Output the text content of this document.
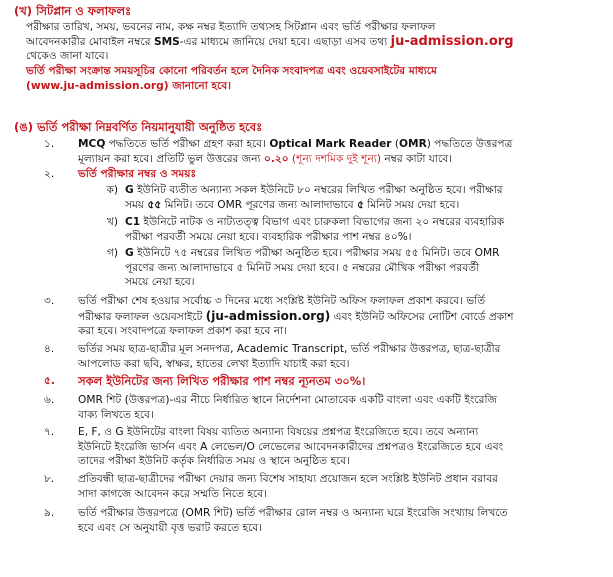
(খ) সিটপ্লান ও ফলাফলঃ
পরীক্ষার তারিখ, সময়, ভবনের নাম, কক্ষ নম্বর ইত্যাদি তথ্যসহ সিটপ্লান এবং ভর্তি পরীক্ষার ফলাফল
আবেদনকারীর মোবাইল নম্বরে SMS-এর মাধ্যমে জানিয়ে দেয়া হবে। এছাড়া এসব তথ্য ju-admission.org
থেকেও জানা যাবে।
ভর্তি পরীক্ষা সংক্রান্ত সময়সূচির কোনো পরিবর্তন হলে দৈনিক সংবাদপত্র এবং ওয়েবসাইটের মাধ্যমে
(www.ju-admission.org) জানানো হবে।
(ঙ) ভর্তি পরীক্ষা নিম্নবর্ণিত নিয়মানুযায়ী অনুষ্ঠিত হবেঃ
১.	MCQ পদ্ধতিতে ভর্তি পরীক্ষা গ্রহণ করা হবে। Optical Mark Reader (OMR) পদ্ধতিতে উত্তরপত্র
মূল্যায়ন করা হবে। প্রতিটি ভুল উত্তরের জন্য ০.২০ (শূন্য দশমিক দুই শূন্য) নম্বর কাটা যাবে।
২.	ভর্তি পরীক্ষার নম্বর ও সময়ঃ
ক) G ইউনিট ব্যতীত অন্যান্য সকল ইউনিটে ৮০ নম্বরের লিখিত পরীক্ষা অনুষ্ঠিত হবে। পরীক্ষার
সময় ৫৫ মিনিট। তবে OMR পূরণের জন্য আলাদাভাবে ৫ মিনিট সময় দেয়া হবে।
খ) C1 ইউনিটে নাটক ও নাট্যতত্ত্ব বিভাগ এবং চারুকলা বিভাগের জন্য ২০ নম্বরের ব্যবহারিক
পরীক্ষা পরবর্তী সময়ে নেয়া হবে। ব্যবহারিক পরীক্ষার পাশ নম্বর ৪০%।
গ) G ইউনিটে ৭৫ নম্বরের লিখিত পরীক্ষা অনুষ্ঠিত হবে। পরীক্ষার সময় ৫৫ মিনিট। তবে OMR
পূরণের জন্য আলাদাভাবে ৫ মিনিট সময় দেয়া হবে। ৫ নম্বরের মৌখিক পরীক্ষা পরবর্তী
সময়ে নেয়া হবে।
৩.	ভর্তি পরীক্ষা শেষ হওয়ার সর্বোচ্চ ৩ দিনের মধ্যে সংশ্লিষ্ট ইউনিট অফিস ফলাফল প্রকাশ করবে। ভর্তি
পরীক্ষার ফলাফল ওয়েবসাইটে (ju-admission.org) এবং ইউনিট অফিসের নোটিশ বোর্ডে প্রকাশ
করা হবে। সংবাদপত্রে ফলাফল প্রকাশ করা হবে না।
৪.	ভর্তির সময় ছাত্র-ছাত্রীর মূল সনদপত্র, Academic Transcript, ভর্তি পরীক্ষার উত্তরপত্র, ছাত্র-ছাত্রীর
আপলোড করা ছবি, স্বাক্ষর, হাতের লেখা ইত্যাদি যাচাই করা হবে।
৫.	সকল ইউনিটের জন্য লিখিত পরীক্ষার পাশ নম্বর ন্যূনতম ৩০%।
৬.	OMR শিট (উত্তরপত্র)-এর নীচে নির্ধারিত স্থানে নির্দেশনা মোতাবেক একটি বাংলা এবং একটি ইংরেজি
বাক্য লিখতে হবে।
৭.	E, F, ও G ইউনিটের বাংলা বিষয় ব্যতিত অন্যান্য বিষয়ের প্রশ্নপত্র ইংরেজিতে হবে। তবে অন্যান্য
ইউনিটে ইংরেজি ভার্সন এবং A লেভেল/O লেভেলের আবেদনকারীদের প্রশ্নপত্রও ইংরেজিতে হবে এবং
তাদের পরীক্ষা ইউনিট কর্তৃক নির্ধারিত সময় ও স্থানে অনুষ্ঠিত হবে।
৮.	প্রতিবন্ধী ছাত্র-ছাত্রীদের পরীক্ষা দেয়ার জন্য বিশেষ সাহায্য প্রয়োজন হলে সংশ্লিষ্ট ইউনিট প্রধান বরাবর
সাদা কাগজে আবেদন করে সম্মতি নিতে হবে।
৯.	ভর্তি পরীক্ষার উত্তরপত্রে (OMR শিট) ভর্তি পরীক্ষার রোল নম্বর ও অন্যান্য ঘরে ইংরেজি সংখ্যায় লিখতে
হবে এবং সে অনুযায়ী বৃত্ত ভরাট করতে হবে।
